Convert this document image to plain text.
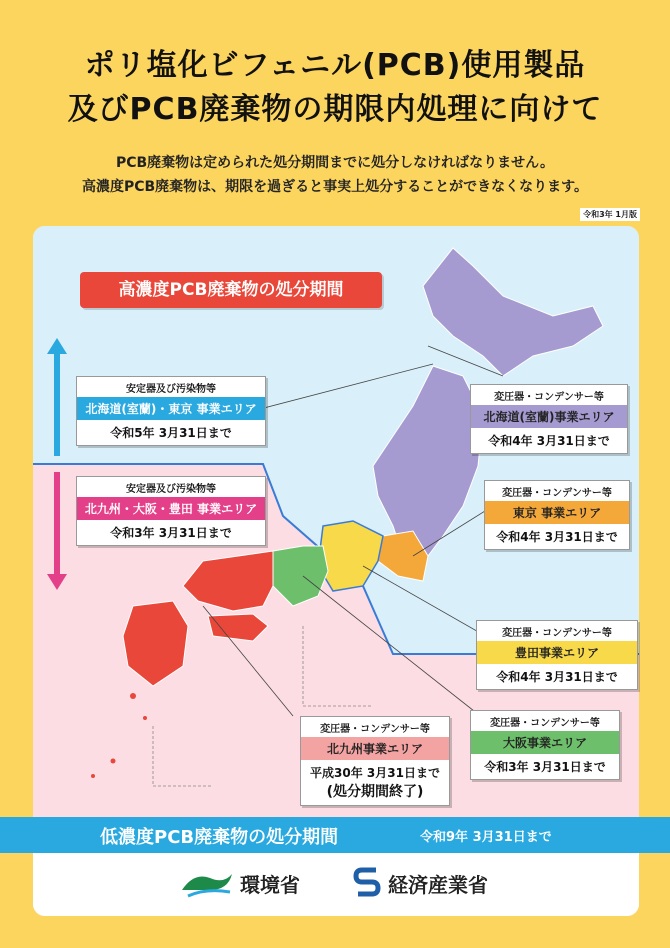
ポリ塩化ビフェニル(PCB)使用製品
及びPCB廃棄物の期限内処理に向けて
PCB廃棄物は定められた処分期間までに処分しなければなりません。
高濃度PCB廃棄物は、期限を過ぎると事実上処分することができなくなります。
令和3年 1月版
高濃度PCB廃棄物の処分期間
安定器及び汚染物等
北海道(室蘭)・東京 事業エリア
令和5年 3月31日まで
安定器及び汚染物等
北九州・大阪・豊田 事業エリア
令和3年 3月31日まで
変圧器・コンデンサー等
北海道(室蘭)事業エリア
令和4年 3月31日まで
変圧器・コンデンサー等
東京 事業エリア
令和4年 3月31日まで
変圧器・コンデンサー等
豊田事業エリア
令和4年 3月31日まで
変圧器・コンデンサー等
大阪事業エリア
令和3年 3月31日まで
変圧器・コンデンサー等
北九州事業エリア
平成30年 3月31日まで
(処分期間終了)
低濃度PCB廃棄物の処分期間	令和9年 3月31日まで
環境省	経済産業省
